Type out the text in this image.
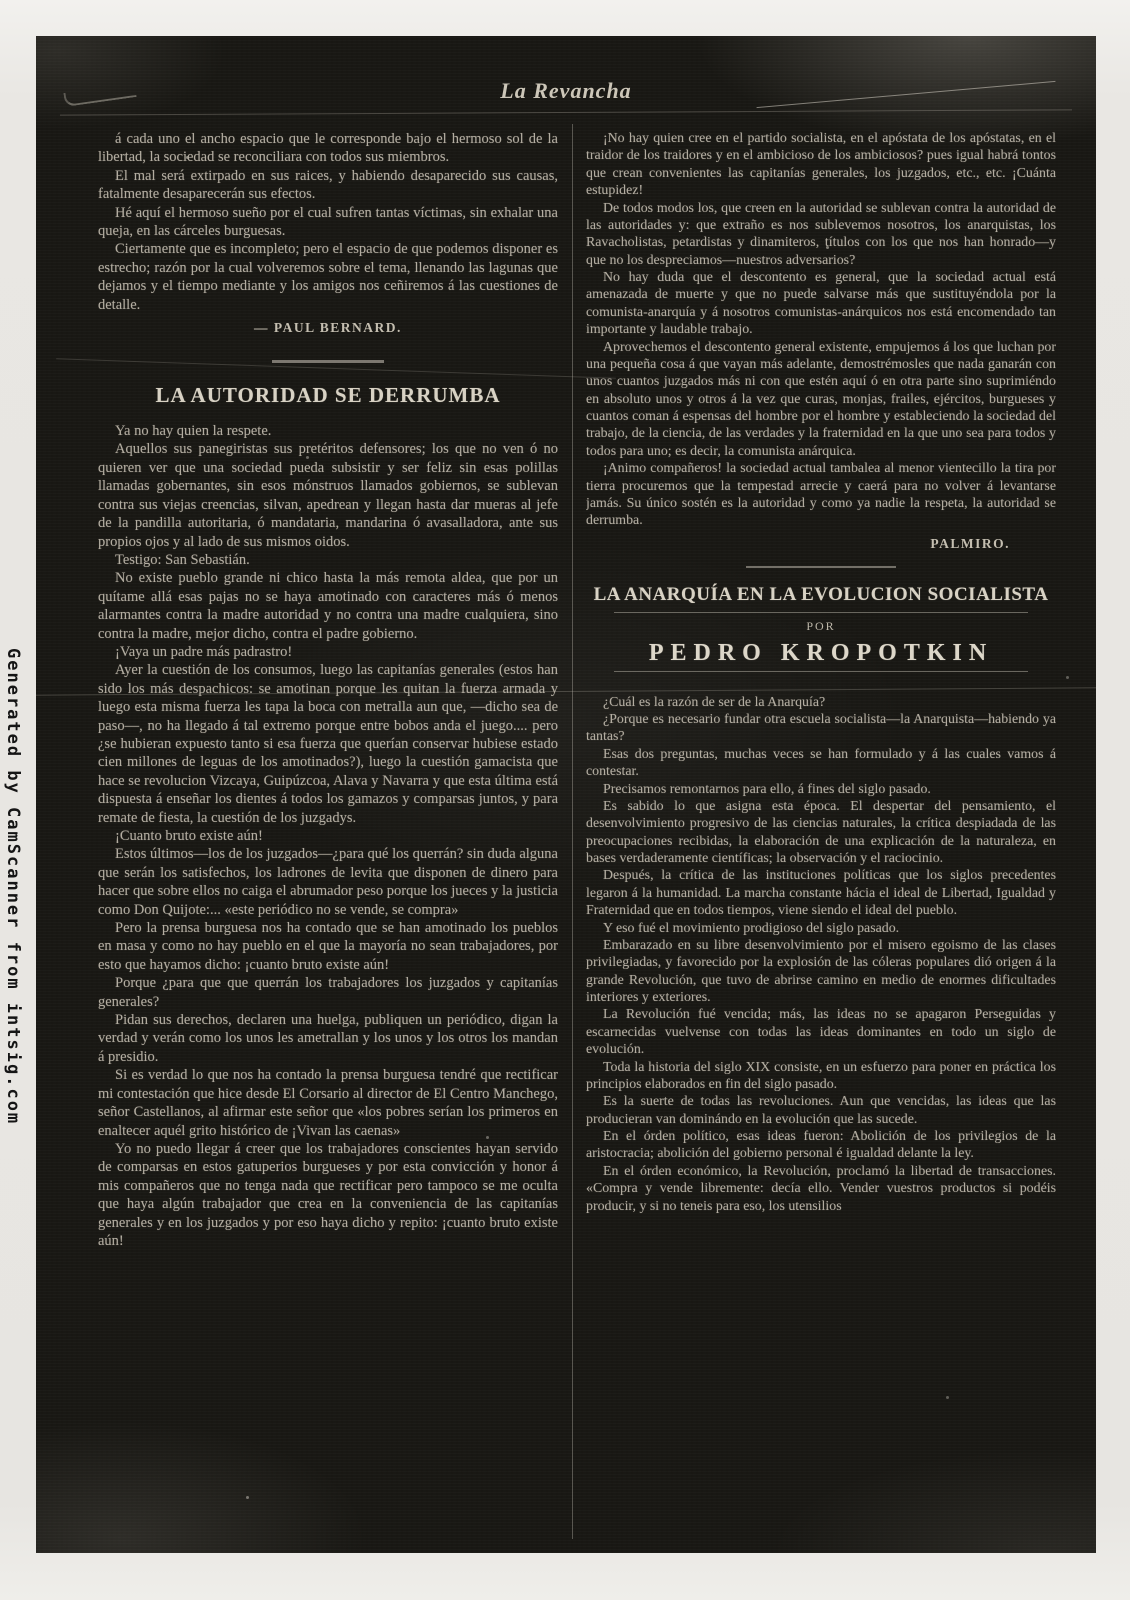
Generated by CamScanner from intsig.com
La Revancha

á cada uno el ancho espacio que le corresponde bajo el hermoso sol de la libertad, la sociedad se reconciliara con todos sus miembros.

El mal será extirpado en sus raices, y habiendo desaparecido sus causas, fatalmente desaparecerán sus efectos.

Hé aquí el hermoso sueño por el cual sufren tantas víctimas, sin exhalar una queja, en las cárceles burguesas.

Ciertamente que es incompleto; pero el espacio de que podemos disponer es estrecho; razón por la cual volveremos sobre el tema, llenando las lagunas que dejamos y el tiempo mediante y los amigos nos ceñiremos á las cuestiones de detalle.

— PAUL BERNARD.
LA AUTORIDAD SE DERRUMBA

Ya no hay quien la respete.

Aquellos sus panegiristas sus pretéritos defensores; los que no ven ó no quieren ver que una sociedad pueda subsistir y ser feliz sin esas polillas llamadas gobernantes, sin esos mónstruos llamados gobiernos, se sublevan contra sus viejas creencias, silvan, apedrean y llegan hasta dar mueras al jefe de la pandilla autoritaria, ó mandataria, mandarina ó avasalladora, ante sus propios ojos y al lado de sus mismos oidos.

Testigo: San Sebastián.

No existe pueblo grande ni chico hasta la más remota aldea, que por un quítame allá esas pajas no se haya amotinado con caracteres más ó menos alarmantes contra la madre autoridad y no contra una madre cualquiera, sino contra la madre, mejor dicho, contra el padre gobierno.

¡Vaya un padre más padrastro!

Ayer la cuestión de los consumos, luego las capitanías generales (estos han sido los más despachicos: se amotinan porque les quitan la fuerza armada y luego esta misma fuerza les tapa la boca con metralla aun que, —dicho sea de paso—, no ha llegado á tal extremo porque entre bobos anda el juego.... pero ¿se hubieran expuesto tanto si esa fuerza que querían conservar hubiese estado cien millones de leguas de los amotinados?), luego la cuestión gamacista que hace se revolucion Vizcaya, Guipúzcoa, Alava y Navarra y que esta última está dispuesta á enseñar los dientes á todos los gamazos y comparsas juntos, y para remate de fiesta, la cuestión de los juzgadys.

¡Cuanto bruto existe aún!

Estos últimos—los de los juzgados—¿para qué los querrán? sin duda alguna que serán los satisfechos, los ladrones de levita que disponen de dinero para hacer que sobre ellos no caiga el abrumador peso porque los jueces y la justicia como Don Quijote:... «este periódico no se vende, se compra»

Pero la prensa burguesa nos ha contado que se han amotinado los pueblos en masa y como no hay pueblo en el que la mayoría no sean trabajadores, por esto que hayamos dicho: ¡cuanto bruto existe aún!

Porque ¿para que que querrán los trabajadores los juzgados y capitanías generales?

Pidan sus derechos, declaren una huelga, publiquen un periódico, digan la verdad y verán como los unos les ametrallan y los unos y los otros los mandan á presidio.

Si es verdad lo que nos ha contado la prensa burguesa tendré que rectificar mi contestación que hice desde El Corsario al director de El Centro Manchego, señor Castellanos, al afirmar este señor que «los pobres serían los primeros en enaltecer aquél grito histórico de ¡Vivan las caenas»

Yo no puedo llegar á creer que los trabajadores conscientes hayan servido de comparsas en estos gatuperios burgueses y por esta convicción y honor á mis compañeros que no tenga nada que rectificar pero tampoco se me oculta que haya algún trabajador que crea en la conveniencia de las capitanías generales y en los juzgados y por eso haya dicho y repito: ¡cuanto bruto existe aún!

¡No hay quien cree en el partido socialista, en el apóstata de los apóstatas, en el traidor de los traidores y en el ambicioso de los ambiciosos? pues igual habrá tontos que crean convenientes las capitanías generales, los juzgados, etc., etc. ¡Cuánta estupidez!

De todos modos los, que creen en la autoridad se sublevan contra la autoridad de las autoridades y: que extraño es nos sublevemos nosotros, los anarquistas, los Ravacholistas, petardistas y dinamiteros, títulos con los que nos han honrado—y que no los despreciamos—nuestros adversarios?

No hay duda que el descontento es general, que la sociedad actual está amenazada de muerte y que no puede salvarse más que sustituyéndola por la comunista-anarquía y á nosotros comunistas-anárquicos nos está encomendado tan importante y laudable trabajo.

Aprovechemos el descontento general existente, empujemos á los que luchan por una pequeña cosa á que vayan más adelante, demostrémosles que nada ganarán con unos cuantos juzgados más ni con que estén aquí ó en otra parte sino suprimiéndo en absoluto unos y otros á la vez que curas, monjas, frailes, ejércitos, burgueses y cuantos coman á espensas del hombre por el hombre y estableciendo la sociedad del trabajo, de la ciencia, de las verdades y la fraternidad en la que uno sea para todos y todos para uno; es decir, la comunista anárquica.

¡Animo compañeros! la sociedad actual tambalea al menor vientecillo la tira por tierra procuremos que la tempestad arrecie y caerá para no volver á levantarse jamás. Su único sostén es la autoridad y como ya nadie la respeta, la autoridad se derrumba.

PALMIRO.
LA ANARQUÍA EN LA EVOLUCION SOCIALISTA
POR
PEDRO KROPOTKIN

¿Cuál es la razón de ser de la Anarquía?

¿Porque es necesario fundar otra escuela socialista—la Anarquista—habiendo ya tantas?

Esas dos preguntas, muchas veces se han formulado y á las cuales vamos á contestar.

Precisamos remontarnos para ello, á fines del siglo pasado.

Es sabido lo que asigna esta época. El despertar del pensamiento, el desenvolvimiento progresivo de las ciencias naturales, la crítica despiadada de las preocupaciones recibidas, la elaboración de una explicación de la naturaleza, en bases verdaderamente científicas; la observación y el raciocinio.

Después, la crítica de las instituciones políticas que los siglos precedentes legaron á la humanidad. La marcha constante hácia el ideal de Libertad, Igualdad y Fraternidad que en todos tiempos, viene siendo el ideal del pueblo.

Y eso fué el movimiento prodigioso del siglo pasado.

Embarazado en su libre desenvolvimiento por el misero egoismo de las clases privilegiadas, y favorecido por la explosión de las cóleras populares dió origen á la grande Revolución, que tuvo de abrirse camino en medio de enormes dificultades interiores y exteriores.

La Revolución fué vencida; más, las ideas no se apagaron Perseguidas y escarnecidas vuelvense con todas las ideas dominantes en todo un siglo de evolución.

Toda la historia del siglo XIX consiste, en un esfuerzo para poner en práctica los principios elaborados en fin del siglo pasado.

Es la suerte de todas las revoluciones. Aun que vencidas, las ideas que las producieran van dominándo en la evolución que las sucede.

En el órden político, esas ideas fueron: Abolición de los privilegios de la aristocracia; abolición del gobierno personal é igualdad delante la ley.

En el órden económico, la Revolución, proclamó la libertad de transacciones. «Compra y vende libremente: decía ello. Vender vuestros productos si podéis producir, y si no teneis para eso, los utensilios
